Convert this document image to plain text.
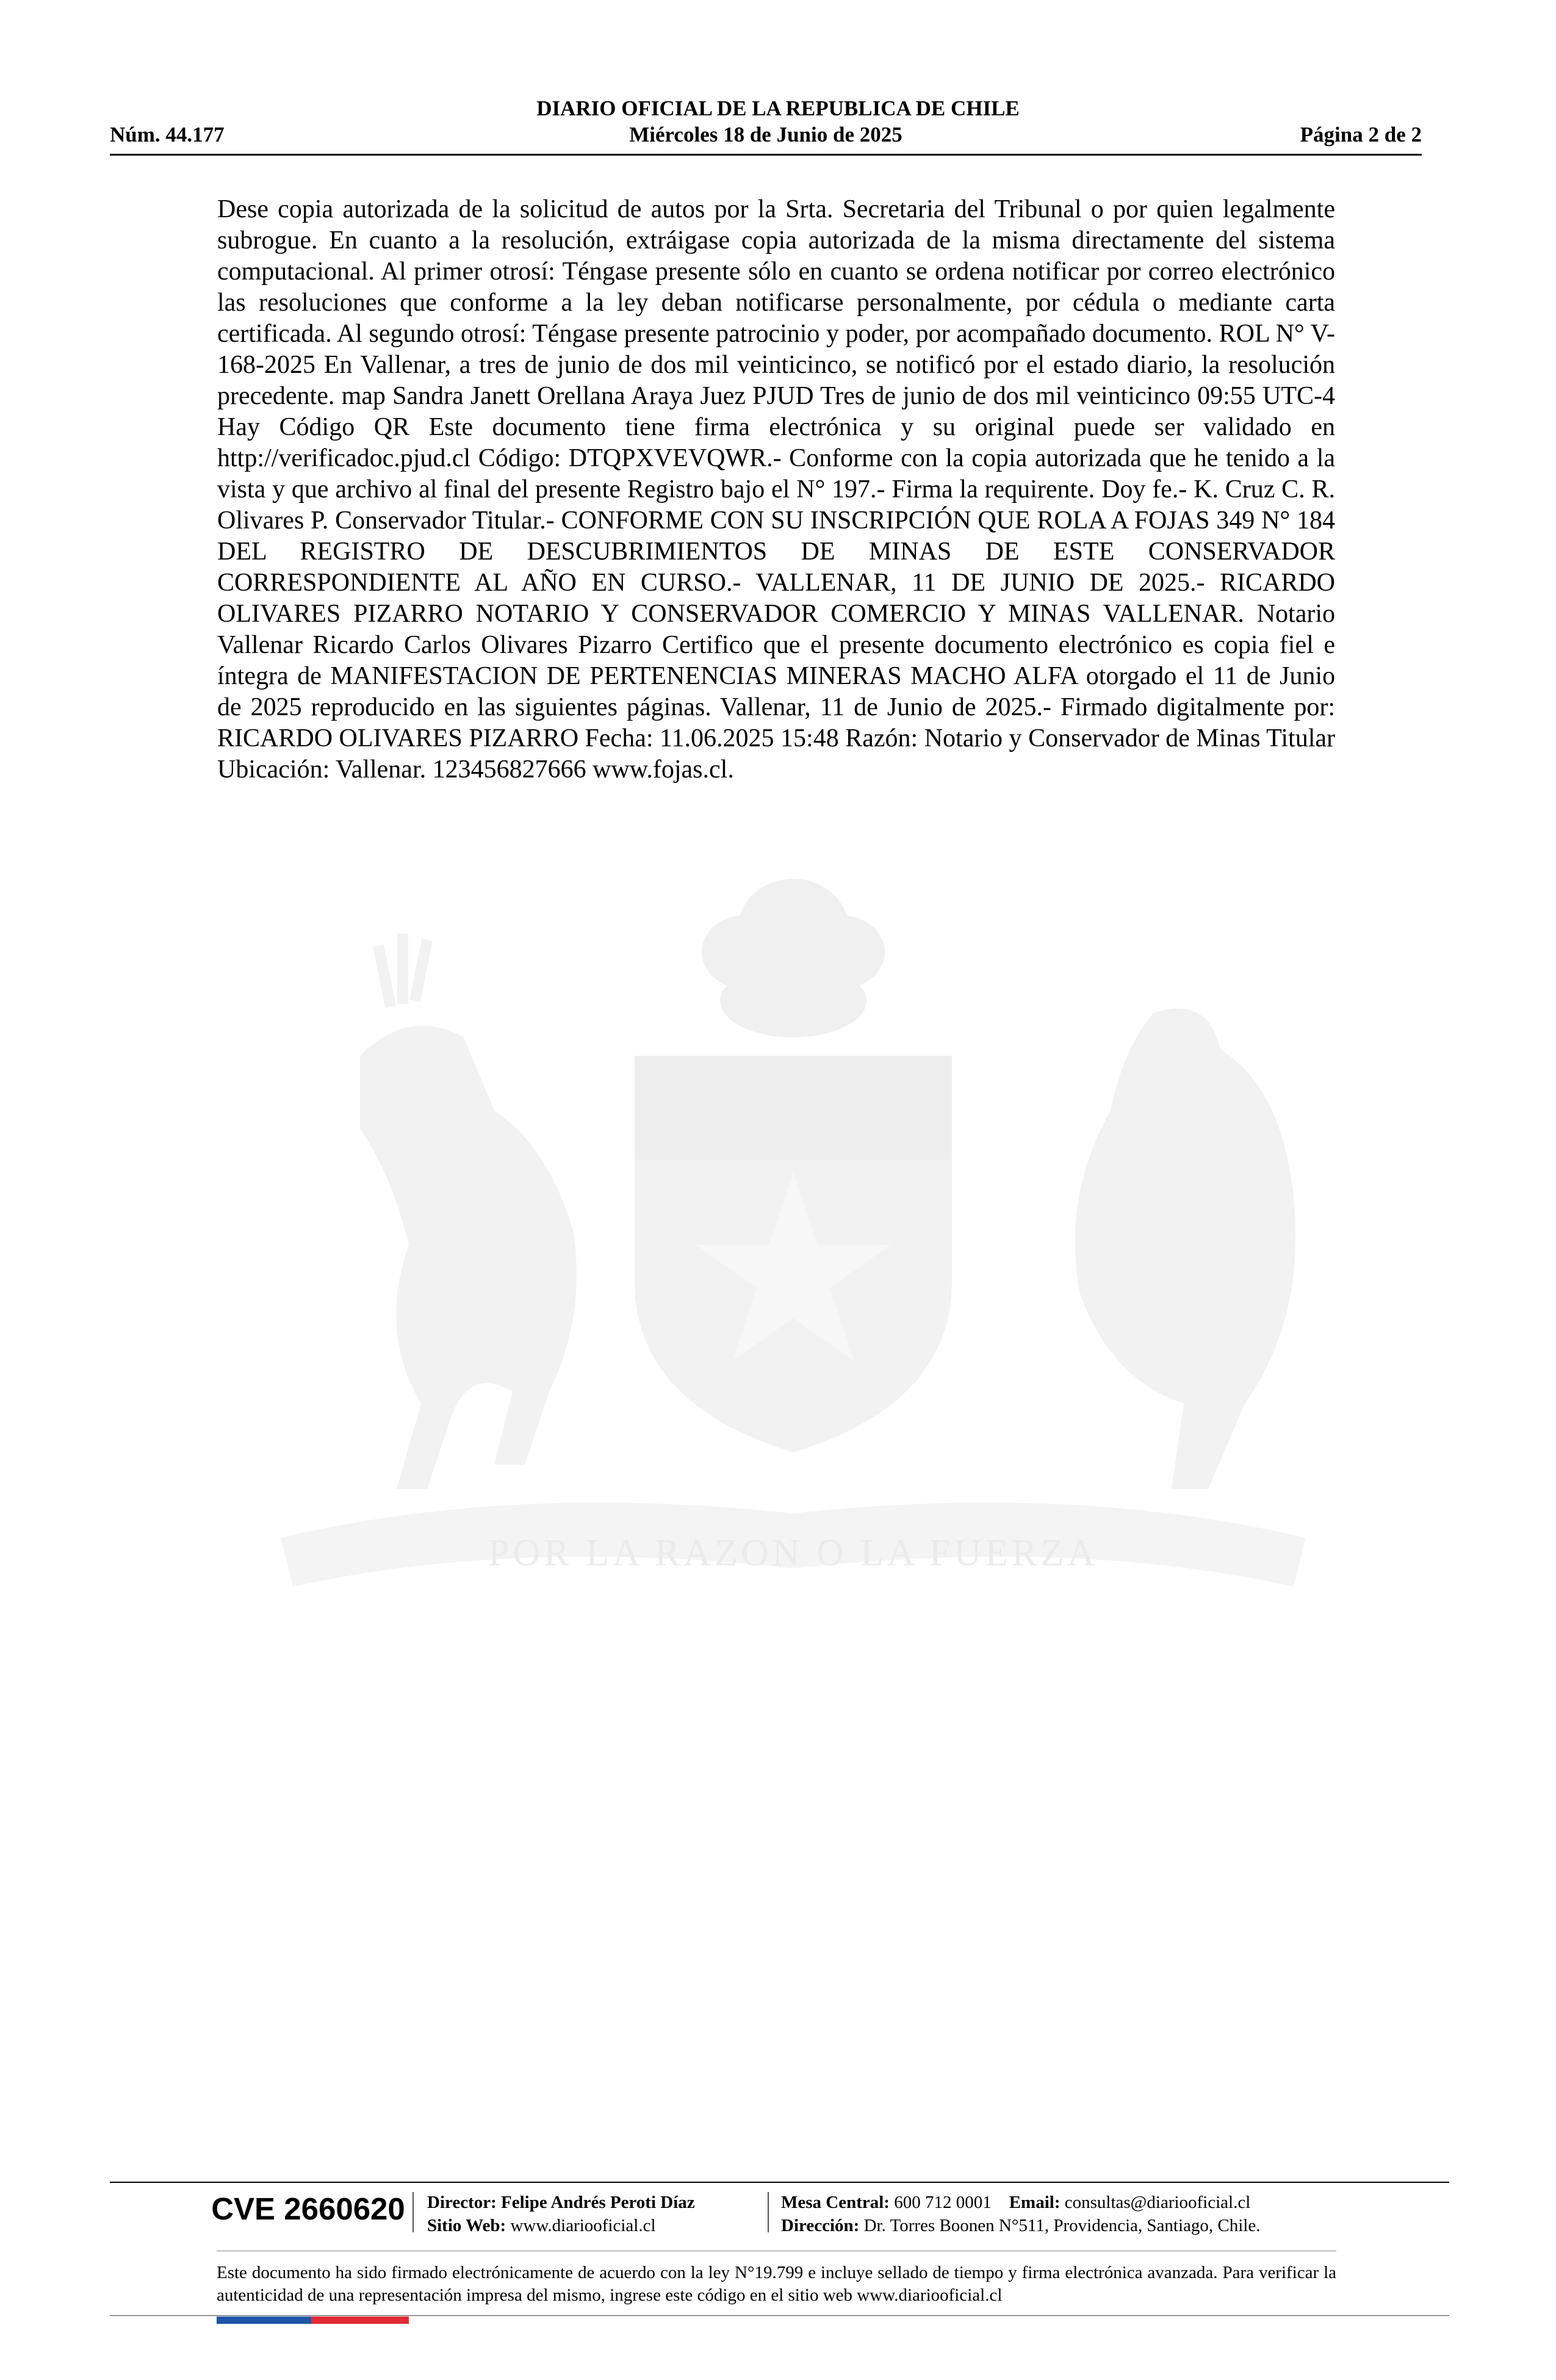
DIARIO OFICIAL DE LA REPUBLICA DE CHILE
Núm. 44.177	Miércoles 18 de Junio de 2025	Página 2 de 2

Dese copia autorizada de la solicitud de autos por la Srta. Secretaria del Tribunal o por quien legalmente subrogue. En cuanto a la resolución, extráigase copia autorizada de la misma directamente del sistema computacional. Al primer otrosí: Téngase presente sólo en cuanto se ordena notificar por correo electrónico las resoluciones que conforme a la ley deban notificarse personalmente, por cédula o mediante carta certificada. Al segundo otrosí: Téngase presente patrocinio y poder, por acompañado documento. ROL N° V-168-2025 En Vallenar, a tres de junio de dos mil veinticinco, se notificó por el estado diario, la resolución precedente. map Sandra Janett Orellana Araya Juez PJUD Tres de junio de dos mil veinticinco 09:55 UTC-4 Hay Código QR Este documento tiene firma electrónica y su original puede ser validado en http://verificadoc.pjud.cl Código: DTQPXVEVQWR.- Conforme con la copia autorizada que he tenido a la vista y que archivo al final del presente Registro bajo el N° 197.- Firma la requirente. Doy fe.- K. Cruz C. R. Olivares P. Conservador Titular.- CONFORME CON SU INSCRIPCIÓN QUE ROLA A FOJAS 349 N° 184 DEL REGISTRO DE DESCUBRIMIENTOS DE MINAS DE ESTE CONSERVADOR CORRESPONDIENTE AL AÑO EN CURSO.- VALLENAR, 11 DE JUNIO DE 2025.- RICARDO OLIVARES PIZARRO NOTARIO Y CONSERVADOR COMERCIO Y MINAS VALLENAR. Notario Vallenar Ricardo Carlos Olivares Pizarro Certifico que el presente documento electrónico es copia fiel e íntegra de MANIFESTACION DE PERTENENCIAS MINERAS MACHO ALFA otorgado el 11 de Junio de 2025 reproducido en las siguientes páginas. Vallenar, 11 de Junio de 2025.- Firmado digitalmente por: RICARDO OLIVARES PIZARRO Fecha: 11.06.2025 15:48 Razón: Notario y Conservador de Minas Titular Ubicación: Vallenar. 123456827666 www.fojas.cl.

POR LA RAZON O LA FUERZA
CVE 2660620 Director: Felipe Andrés Peroti Díaz
Sitio Web: www.diariooficial.cl
Mesa Central: 600 712 0001 Email: consultas@diariooficial.cl
Dirección: Dr. Torres Boonen N°511, Providencia, Santiago, Chile.

Este documento ha sido firmado electrónicamente de acuerdo con la ley N°19.799 e incluye sellado de tiempo y firma electrónica avanzada. Para verificar la autenticidad de una representación impresa del mismo, ingrese este código en el sitio web www.diariooficial.cl
